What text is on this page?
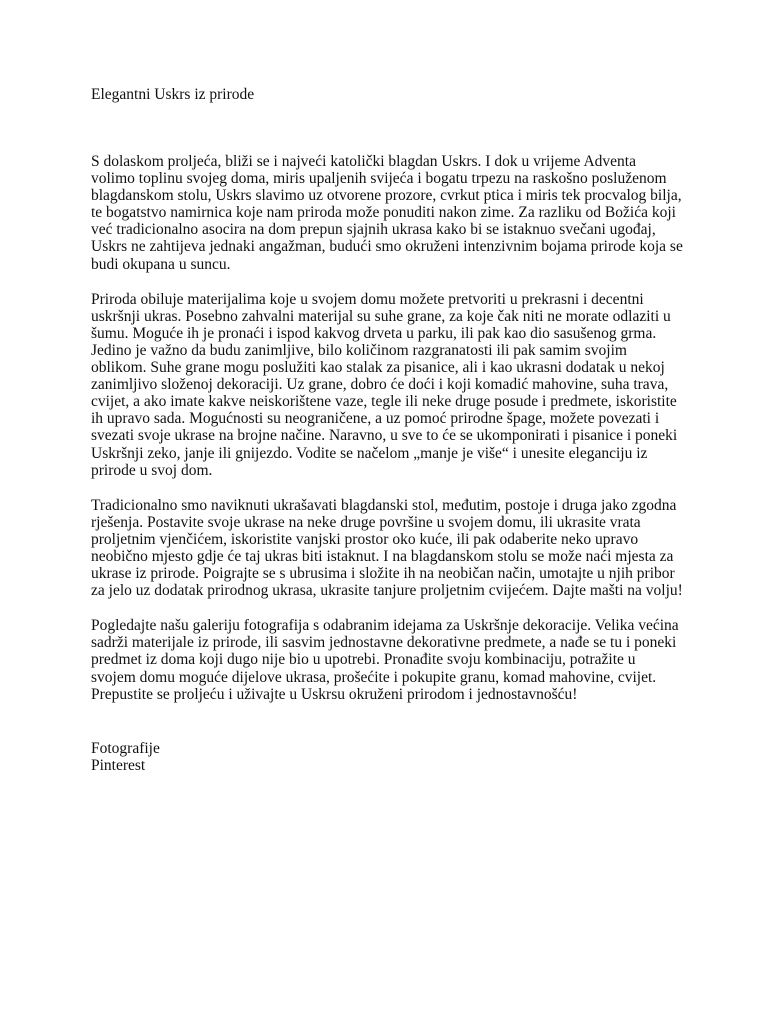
Elegantni Uskrs iz prirode

S dolaskom proljeća, bliži se i najveći katolički blagdan Uskrs. I dok u vrijeme Adventa volimo toplinu svojeg doma, miris upaljenih svijeća i bogatu trpezu na raskošno posluženom blagdanskom stolu, Uskrs slavimo uz otvorene prozore, cvrkut ptica i miris tek procvalog bilja, te bogatstvo namirnica koje nam priroda može ponuditi nakon zime. Za razliku od Božića koji već tradicionalno asocira na dom prepun sjajnih ukrasa kako bi se istaknuo svečani ugođaj, Uskrs ne zahtijeva jednaki angažman, budući smo okruženi intenzivnim bojama prirode koja se budi okupana u suncu.

Priroda obiluje materijalima koje u svojem domu možete pretvoriti u prekrasni i decentni uskršnji ukras. Posebno zahvalni materijal su suhe grane, za koje čak niti ne morate odlaziti u šumu. Moguće ih je pronaći i ispod kakvog drveta u parku, ili pak kao dio sasušenog grma. Jedino je važno da budu zanimljive, bilo količinom razgranatosti ili pak samim svojim oblikom. Suhe grane mogu poslužiti kao stalak za pisanice, ali i kao ukrasni dodatak u nekoj zanimljivo složenoj dekoraciji. Uz grane, dobro će doći i koji komadić mahovine, suha trava, cvijet, a ako imate kakve neiskorištene vaze, tegle ili neke druge posude i predmete, iskoristite ih upravo sada. Mogućnosti su neograničene, a uz pomoć prirodne špage, možete povezati i svezati svoje ukrase na brojne načine. Naravno, u sve to će se ukomponirati i pisanice i poneki Uskršnji zeko, janje ili gnijezdo. Vodite se načelom „manje je više“ i unesite eleganciju iz prirode u svoj dom.

Tradicionalno smo naviknuti ukrašavati blagdanski stol, međutim, postoje i druga jako zgodna rješenja. Postavite svoje ukrase na neke druge površine u svojem domu, ili ukrasite vrata proljetnim vjenčićem, iskoristite vanjski prostor oko kuće, ili pak odaberite neko upravo neobično mjesto gdje će taj ukras biti istaknut. I na blagdanskom stolu se može naći mjesta za ukrase iz prirode. Poigrajte se s ubrusima i složite ih na neobičan način, umotajte u njih pribor za jelo uz dodatak prirodnog ukrasa, ukrasite tanjure proljetnim cvijećem. Dajte mašti na volju!

Pogledajte našu galeriju fotografija s odabranim idejama za Uskršnje dekoracije. Velika većina sadrži materijale iz prirode, ili sasvim jednostavne dekorativne predmete, a nađe se tu i poneki predmet iz doma koji dugo nije bio u upotrebi. Pronađite svoju kombinaciju, potražite u svojem domu moguće dijelove ukrasa, prošećite i pokupite granu, komad mahovine, cvijet. Prepustite se proljeću i uživajte u Uskrsu okruženi prirodom i jednostavnošću!

Fotografije
Pinterest
